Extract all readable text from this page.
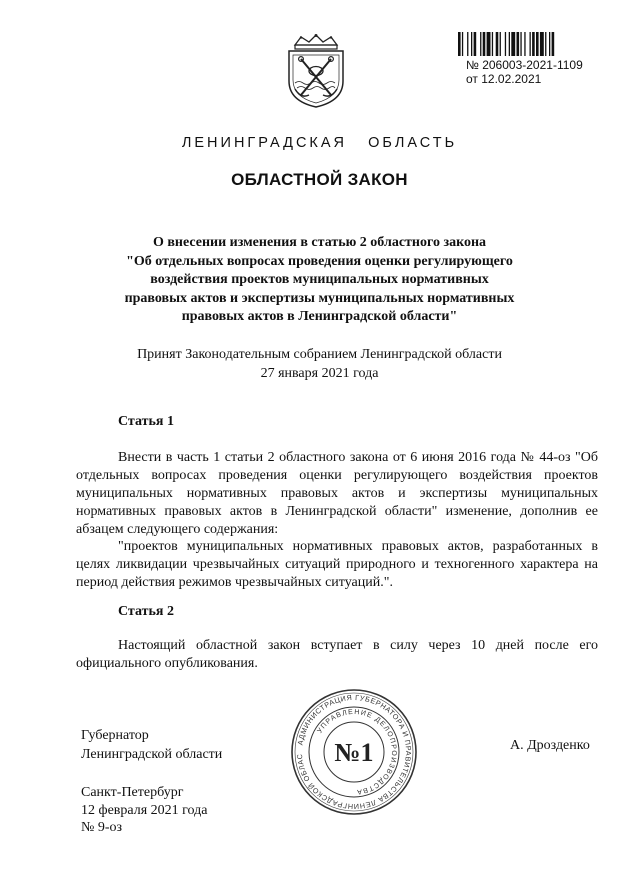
№ 206003-2021-1109
от 12.02.2021
ЛЕНИНГРАДСКАЯ   ОБЛАСТЬ
ОБЛАСТНОЙ ЗАКОН
О внесении изменения в статью 2 областного закона
"Об отдельных вопросах проведения оценки регулирующего
воздействия проектов муниципальных нормативных
правовых актов и экспертизы муниципальных нормативных
правовых актов в Ленинградской области"
Принят Законодательным собранием Ленинградской области
27 января 2021 года
Статья 1
Внести в часть 1 статьи 2 областного закона от 6 июня 2016 года № 44-оз "Об отдельных вопросах проведения оценки регулирующего воздействия проектов муниципальных нормативных правовых актов и экспертизы муниципальных нормативных правовых актов в Ленинградской области" изменение, дополнив ее абзацем следующего содержания:
"проектов муниципальных нормативных правовых актов, разработанных в целях ликвидации чрезвычайных ситуаций природного и техногенного характера на период действия режимов чрезвычайных ситуаций.".
Статья 2
Настоящий областной закон вступает в силу через 10 дней после его официального опубликования.
Губернатор
Ленинградской области
АДМИНИСТРАЦИЯ ГУБЕРНАТОРА И ПРАВИТЕЛЬСТВА ЛЕНИНГРАДСКОЙ ОБЛАС
УПРАВЛЕНИЕ ДЕЛОПРОИЗВОДСТВА
№1	А. Дрозденко
Санкт-Петербург
12 февраля 2021 года
№ 9-оз
